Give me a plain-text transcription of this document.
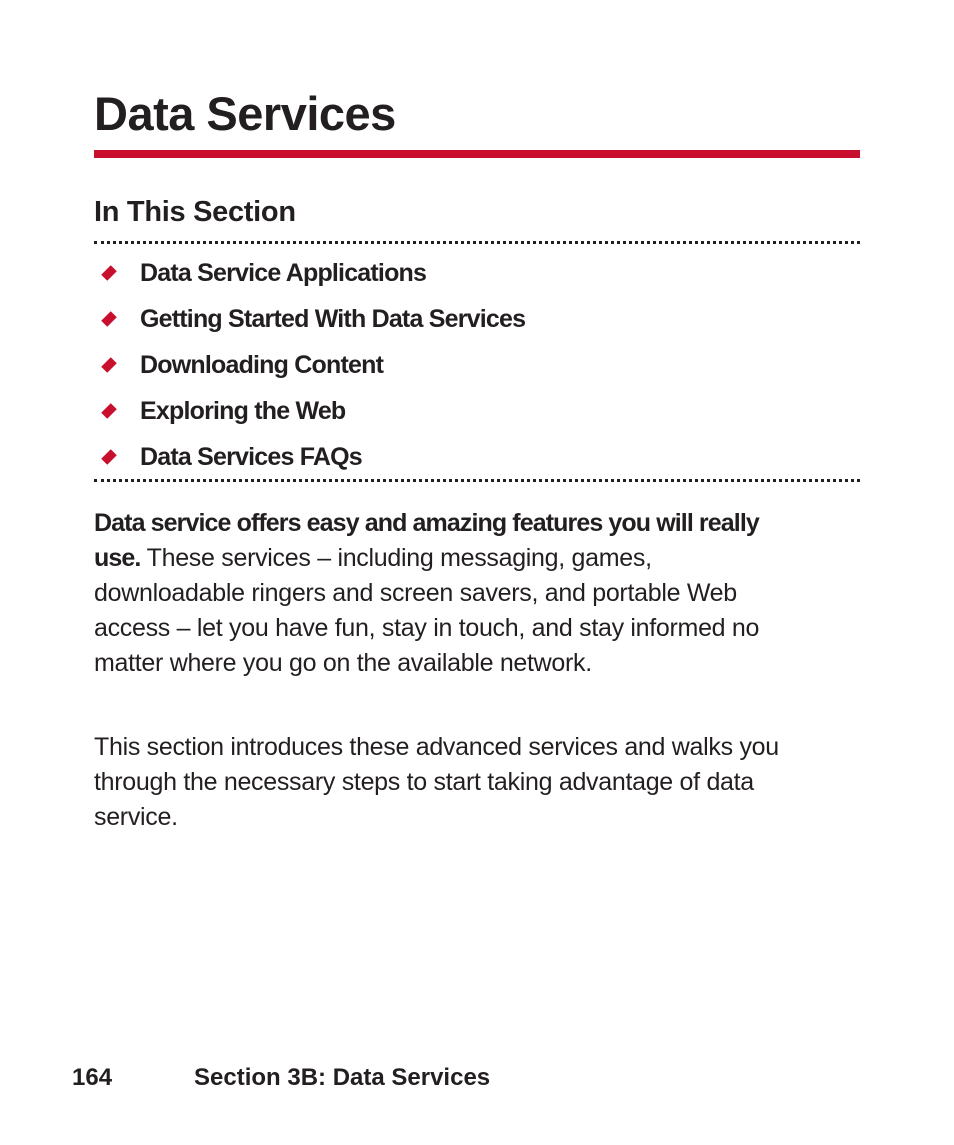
Data Services
In This Section
Data Service Applications
Getting Started With Data Services
Downloading Content
Exploring the Web
Data Services FAQs

Data service offers easy and amazing features you will really use. These services – including messaging, games, downloadable ringers and screen savers, and portable Web access – let you have fun, stay in touch, and stay informed no matter where you go on the available network.

This section introduces these advanced services and walks you through the necessary steps to start taking advantage of data service.

164	Section 3B: Data Services
